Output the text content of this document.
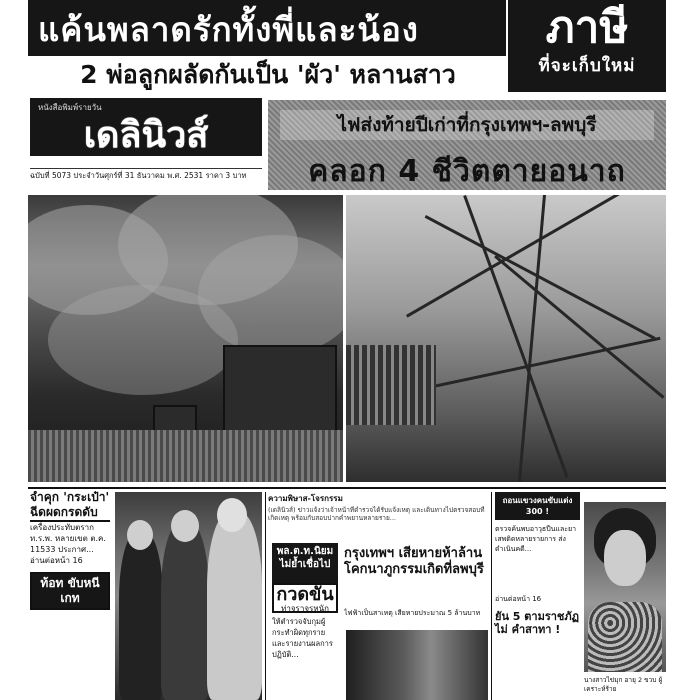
แค้นพลาดรักทั้งพี่และน้อง	ภาษี
ที่จะเก็บใหม่
2 พ่อลูกผลัดกันเป็น 'ผัว' หลานสาว
หนังสือพิมพ์รายวัน
เดลินิวส์
ฉบับที่ 5073 ประจำวันศุกร์ที่ 31 ธันวาคม พ.ศ. 2531 ราคา 3 บาท
ไฟส่งท้ายปีเก่าที่กรุงเทพฯ-ลพบุรี
คลอก 4 ชีวิตตายอนาถ
จำคุก 'กระเป๋า' ฉีดผดกรดดับ
เครื่องประทับตราก ท.ร.พ. หลายเขต ต.ค. 11533 ประกาศ...
อ่านต่อหน้า 16
ท้อท ขับหนีเกท
ความพิษาส-โจรกรรม
(เดลินิวส์) ข่าวแจ้งว่าเจ้าหน้าที่ตำรวจได้รับแจ้งเหตุ และเดินทางไปตรวจสอบที่เกิดเหตุ พร้อมกับสอบปากคำพยานหลายราย...
พล.ต.ท.นิยม
ไม่ย้ำเชื่อไป
กวดขัน
ท่าจราจรหนัก
ให้ตำรวจจับกุมผู้กระทำผิดทุกราย และรายงานผลการปฏิบัติ...
กรุงเทพฯ เสียหายห้าล้าน โคกนาภูกรรมเกิดที่ลพบุรี
ไฟฟ้าเป็นสาเหตุ เสียหายประมาณ 5 ล้านบาท
ถอนแขวงคนขับแต่ง 300 !
ตรวจค้นพบอาวุธปืนและยาเสพติดหลายรายการ ส่งดำเนินคดี...
อ่านต่อหน้า 16
ยัน 5 ตามราชภัฏไม่ คำสาทา !
นางสาวไข่มุก อายุ 2 ขวบ ผู้เคราะห์ร้าย
